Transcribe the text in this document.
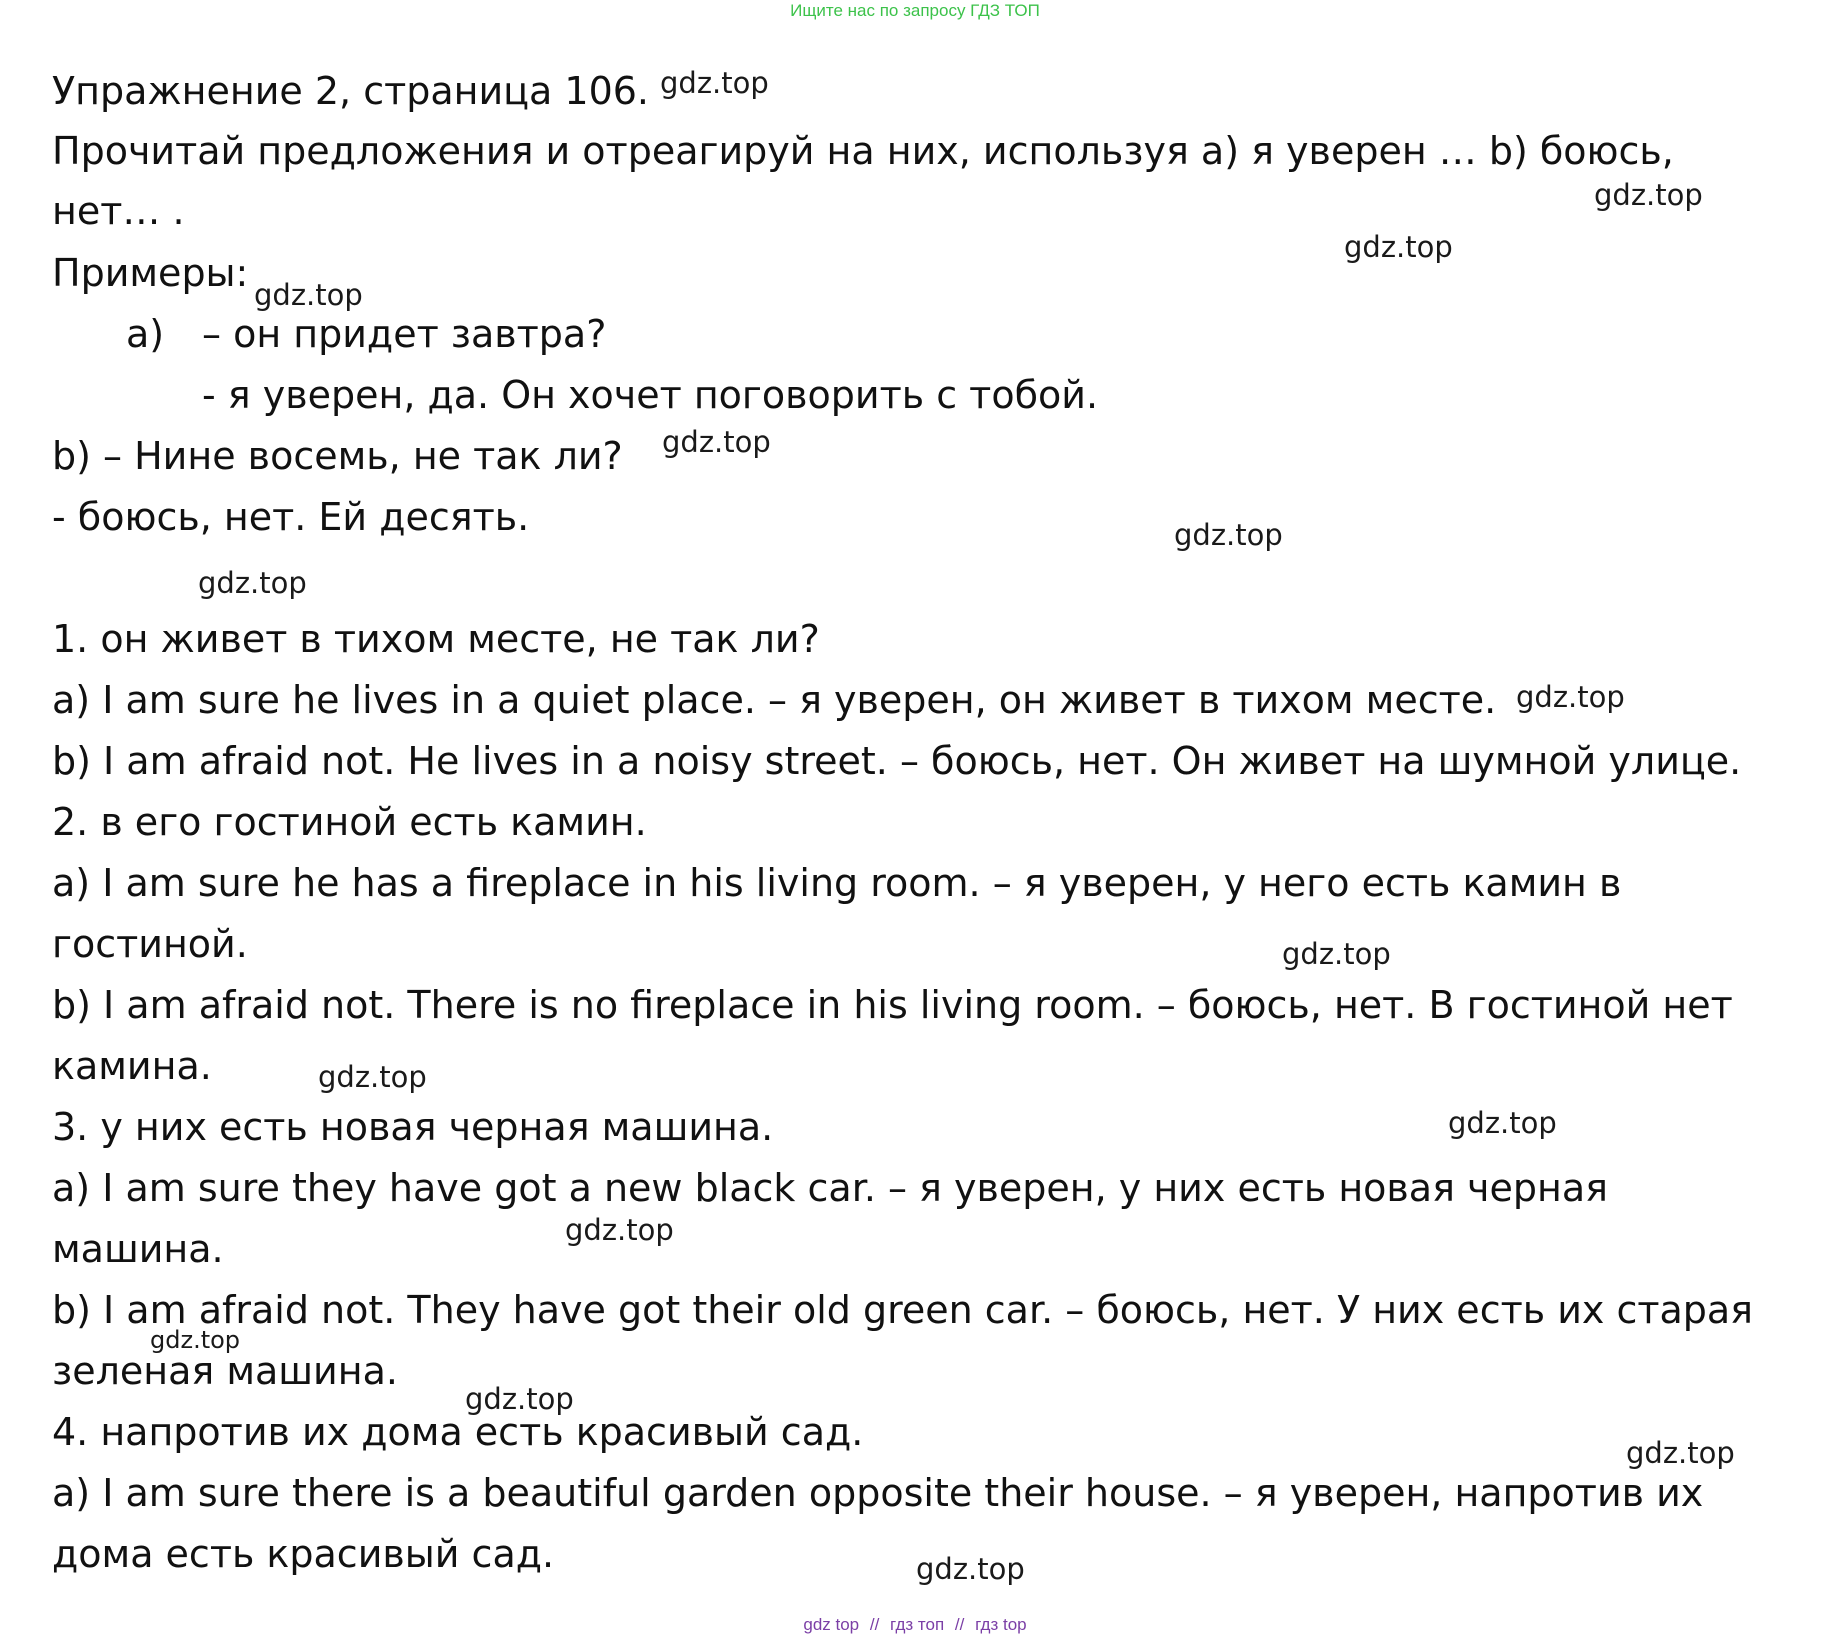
Ищите нас по запросу ГДЗ ТОП

Упражнение 2, страница 106.

Прочитай предложения и отреагируй на них, используя а) я уверен … b) боюсь,

нет… .

Примеры:

a) – он придет завтра?

- я уверен, да. Он хочет поговорить с тобой.

b) – Нине восемь, не так ли?

- боюсь, нет. Ей десять.

1. он живет в тихом месте, не так ли?

a) I am sure he lives in a quiet place. – я уверен, он живет в тихом месте.

b) I am afraid not. He lives in a noisy street. – боюсь, нет. Он живет на шумной улице.

2. в его гостиной есть камин.

a) I am sure he has a fireplace in his living room. – я уверен, у него есть камин в

гостиной.

b) I am afraid not. There is no fireplace in his living room. – боюсь, нет. В гостиной нет

камина.

3. у них есть новая черная машина.

a) I am sure they have got a new black car. – я уверен, у них есть новая черная

машина.

b) I am afraid not. They have got their old green car. – боюсь, нет. У них есть их старая

зеленая машина.

4. напротив их дома есть красивый сад.

a) I am sure there is a beautiful garden opposite their house. – я уверен, напротив их

дома есть красивый сад.

gdz.top
gdz.top
gdz.top
gdz.top
gdz.top
gdz.top
gdz.top
gdz.top
gdz.top
gdz.top
gdz.top
gdz.top
gdz.top
gdz.top
gdz.top
gdz.top
gdz top // гдз топ // гдз top
